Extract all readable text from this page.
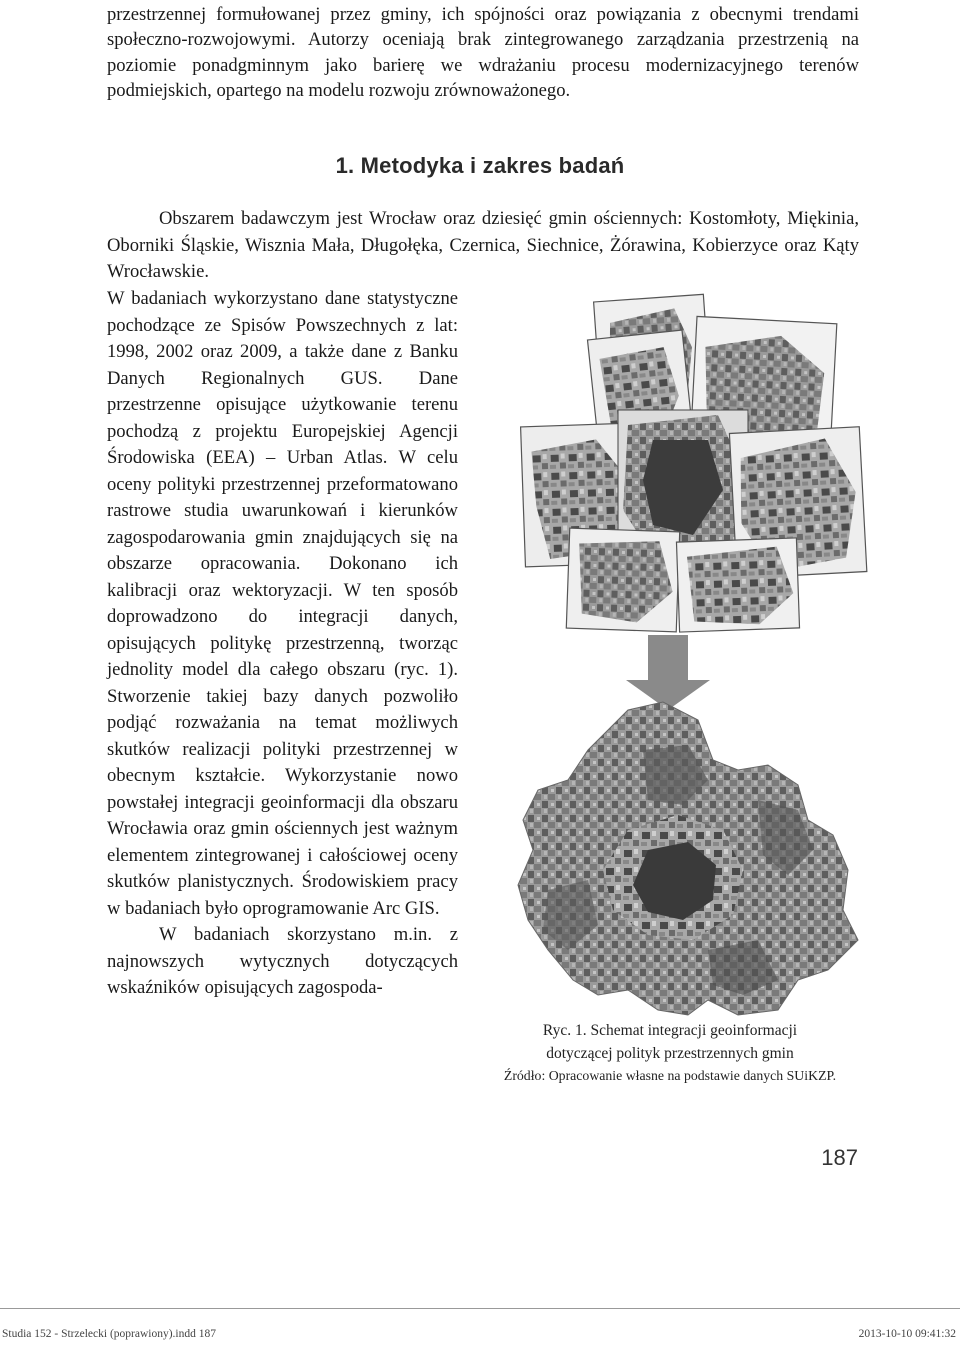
przestrzennej formułowanej przez gminy, ich spójności oraz powiązania z obecnymi trendami społeczno-rozwojowymi. Autorzy oceniają brak zintegrowanego zarządzania przestrzenią na poziomie ponadgminnym jako barierę we wdrażaniu procesu modernizacyjnego terenów podmiejskich, opartego na modelu rozwoju zrównoważonego.

1. Metodyka i zakres badań

Obszarem badawczym jest Wrocław oraz dziesięć gmin ościennych: Kostomłoty, Miękinia, Oborniki Śląskie, Wisznia Mała, Długołęka, Czernica, Siechnice, Żórawina, Kobierzyce oraz Kąty Wrocławskie.

W badaniach wykorzystano dane statystyczne pochodzące ze Spisów Powszechnych z lat: 1998, 2002 oraz 2009, a także dane z Banku Danych Regionalnych GUS. Dane przestrzenne opisujące użytkowanie terenu pochodzą z projektu Europejskiej Agencji Środowiska (EEA) – Urban Atlas. W celu oceny polityki przestrzennej przeformatowano rastrowe studia uwarunkowań i kierunków zagospodarowania gmin znajdujących się na obszarze opracowania. Dokonano ich kalibracji oraz wektoryzacji. W ten sposób doprowadzono do integracji danych, opisujących politykę przestrzenną, tworząc jednolity model dla całego obszaru (ryc. 1). Stworzenie takiej bazy danych pozwoliło podjąć rozważania na temat możliwych skutków realizacji polityki przestrzennej w obecnym kształcie. Wykorzystanie nowo powstałej integracji geoinformacji dla obszaru Wrocławia oraz gmin ościennych jest ważnym elementem zintegrowanej i całościowej oceny skutków planistycznych. Środowiskiem pracy w badaniach było oprogramowanie Arc GIS.
W badaniach skorzystano m.in. z najnowszych wytycznych dotyczących wskaźników opisujących zagospoda-

Ryc. 1. Schemat integracji geoinformacji
dotyczącej polityk przestrzennych gmin

Źródło: Opracowanie własne na podstawie danych SUiKZP.

187

Studia 152 - Strzelecki (poprawiony).indd 187	2013-10-10 09:41:32
